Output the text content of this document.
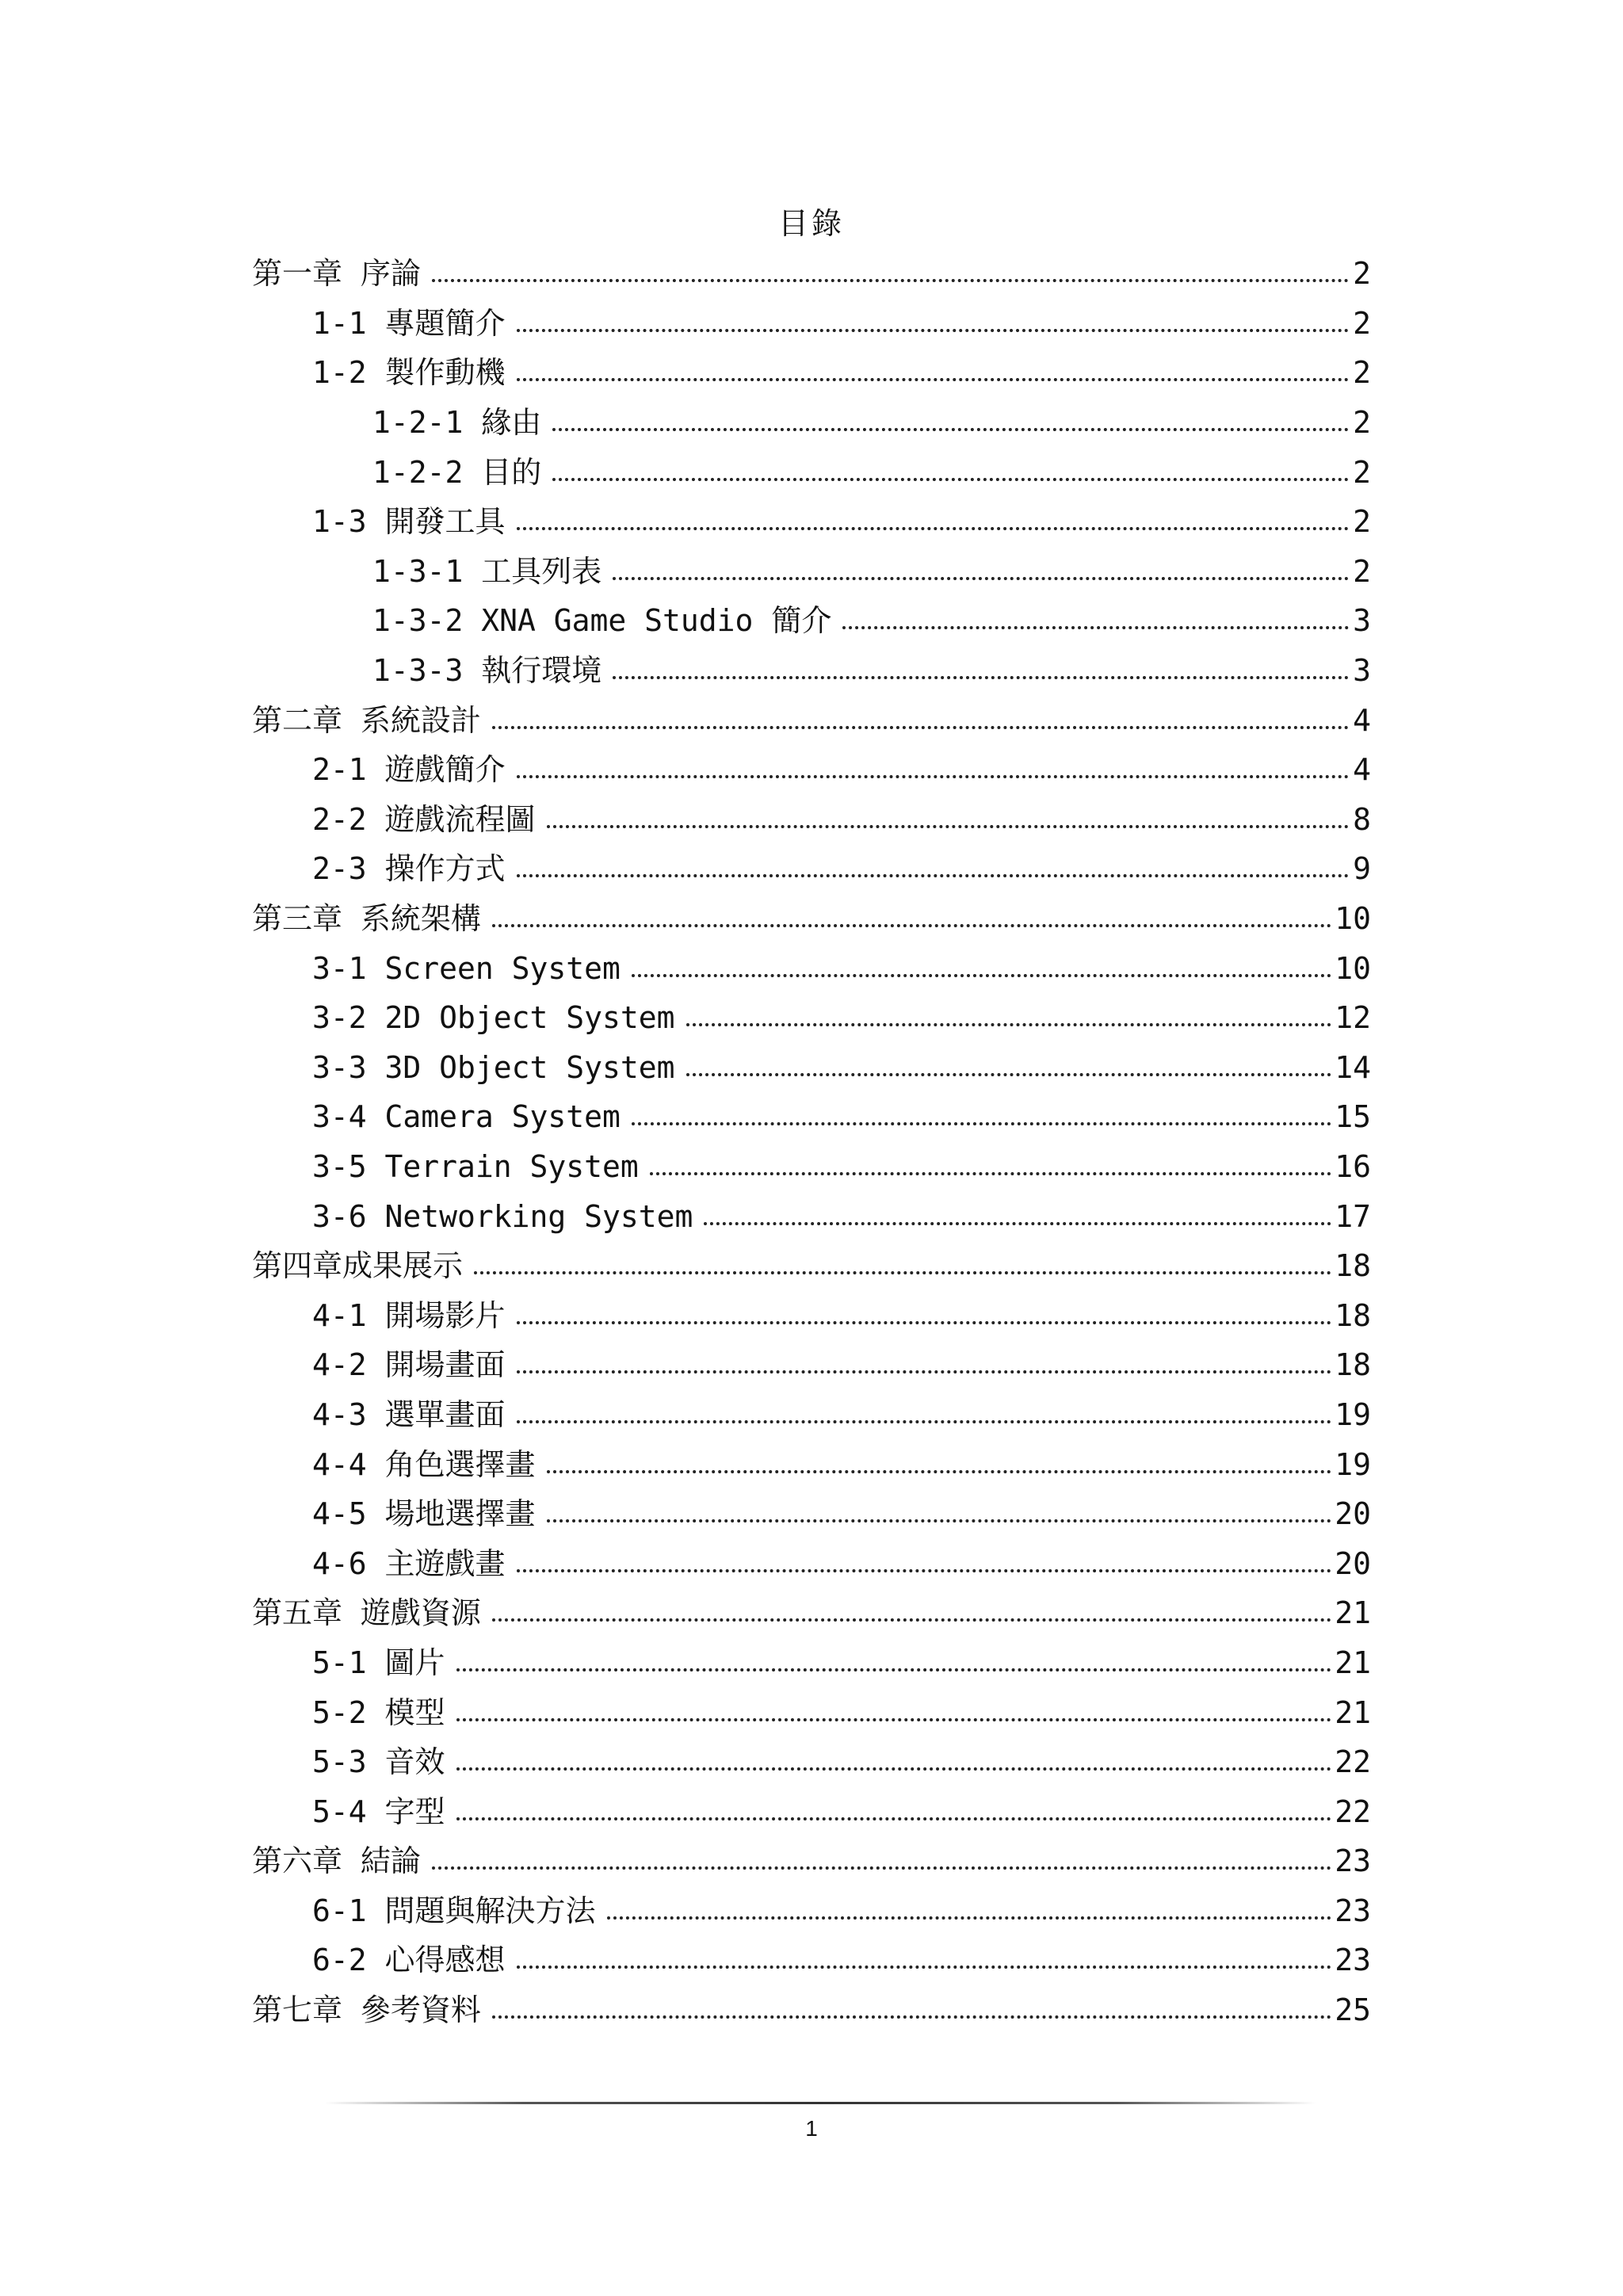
目錄
第一章 序論	2
1-1 專題簡介	2
1-2 製作動機	2
1-2-1 緣由	2
1-2-2 目的	2
1-3 開發工具	2
1-3-1 工具列表	2
1-3-2 XNA Game Studio 簡介	3
1-3-3 執行環境	3
第二章 系統設計	4
2-1 遊戲簡介	4
2-2 遊戲流程圖	8
2-3 操作方式	9
第三章 系統架構	10
3-1 Screen System	10
3-2 2D Object System	12
3-3 3D Object System	14
3-4 Camera System	15
3-5 Terrain System	16
3-6 Networking System	17
第四章成果展示	18
4-1 開場影片	18
4-2 開場畫面	18
4-3 選單畫面	19
4-4 角色選擇畫	19
4-5 場地選擇畫	20
4-6 主遊戲畫	20
第五章 遊戲資源	21
5-1 圖片	21
5-2 模型	21
5-3 音效	22
5-4 字型	22
第六章 結論	23
6-1 問題與解決方法	23
6-2 心得感想	23
第七章 參考資料	25
1
